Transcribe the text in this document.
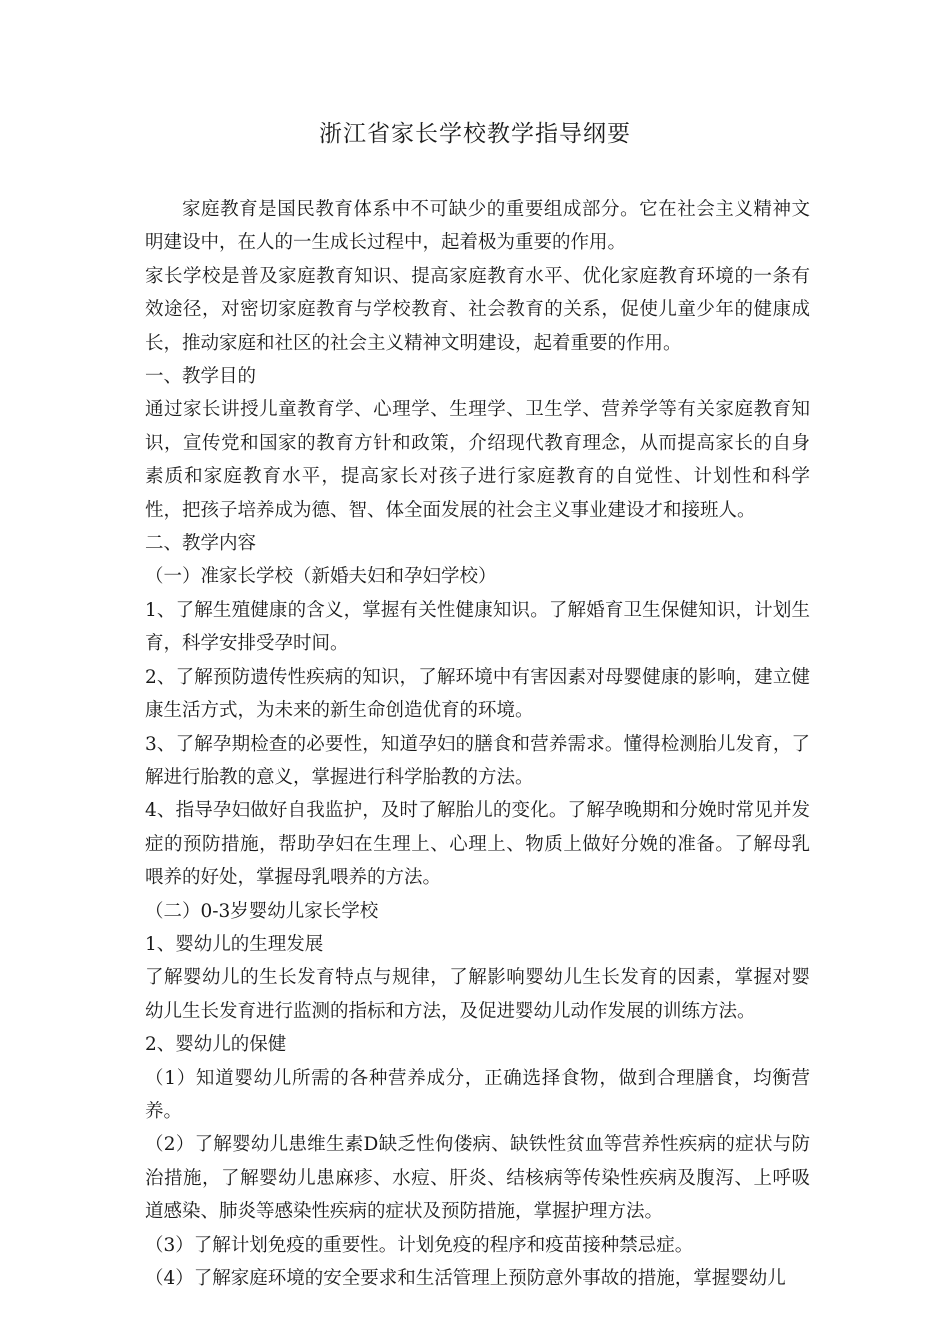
浙江省家长学校教学指导纲要

家庭教育是国民教育体系中不可缺少的重要组成部分。它在社会主义精神文明建设中，在人的一生成长过程中，起着极为重要的作用。

家长学校是普及家庭教育知识、提高家庭教育水平、优化家庭教育环境的一条有效途径，对密切家庭教育与学校教育、社会教育的关系，促使儿童少年的健康成长，推动家庭和社区的社会主义精神文明建设，起着重要的作用。

一、教学目的

通过家长讲授儿童教育学、心理学、生理学、卫生学、营养学等有关家庭教育知识，宣传党和国家的教育方针和政策，介绍现代教育理念，从而提高家长的自身素质和家庭教育水平，提高家长对孩子进行家庭教育的自觉性、计划性和科学性，把孩子培养成为德、智、体全面发展的社会主义事业建设才和接班人。

二、教学内容

（一）准家长学校（新婚夫妇和孕妇学校）

1、了解生殖健康的含义，掌握有关性健康知识。了解婚育卫生保健知识，计划生育，科学安排受孕时间。

2、了解预防遗传性疾病的知识，了解环境中有害因素对母婴健康的影响，建立健康生活方式，为未来的新生命创造优育的环境。

3、了解孕期检查的必要性，知道孕妇的膳食和营养需求。懂得检测胎儿发育，了解进行胎教的意义，掌握进行科学胎教的方法。

4、指导孕妇做好自我监护，及时了解胎儿的变化。了解孕晚期和分娩时常见并发症的预防措施，帮助孕妇在生理上、心理上、物质上做好分娩的准备。了解母乳喂养的好处，掌握母乳喂养的方法。

（二）0-3岁婴幼儿家长学校

1、婴幼儿的生理发展

了解婴幼儿的生长发育特点与规律，了解影响婴幼儿生长发育的因素，掌握对婴幼儿生长发育进行监测的指标和方法，及促进婴幼儿动作发展的训练方法。

2、婴幼儿的保健

（1）知道婴幼儿所需的各种营养成分，正确选择食物，做到合理膳食，均衡营养。

（2）了解婴幼儿患维生素D缺乏性佝偻病、缺铁性贫血等营养性疾病的症状与防治措施，了解婴幼儿患麻疹、水痘、肝炎、结核病等传染性疾病及腹泻、上呼吸道感染、肺炎等感染性疾病的症状及预防措施，掌握护理方法。

（3）了解计划免疫的重要性。计划免疫的程序和疫苗接种禁忌症。

（4）了解家庭环境的安全要求和生活管理上预防意外事故的措施，掌握婴幼儿
